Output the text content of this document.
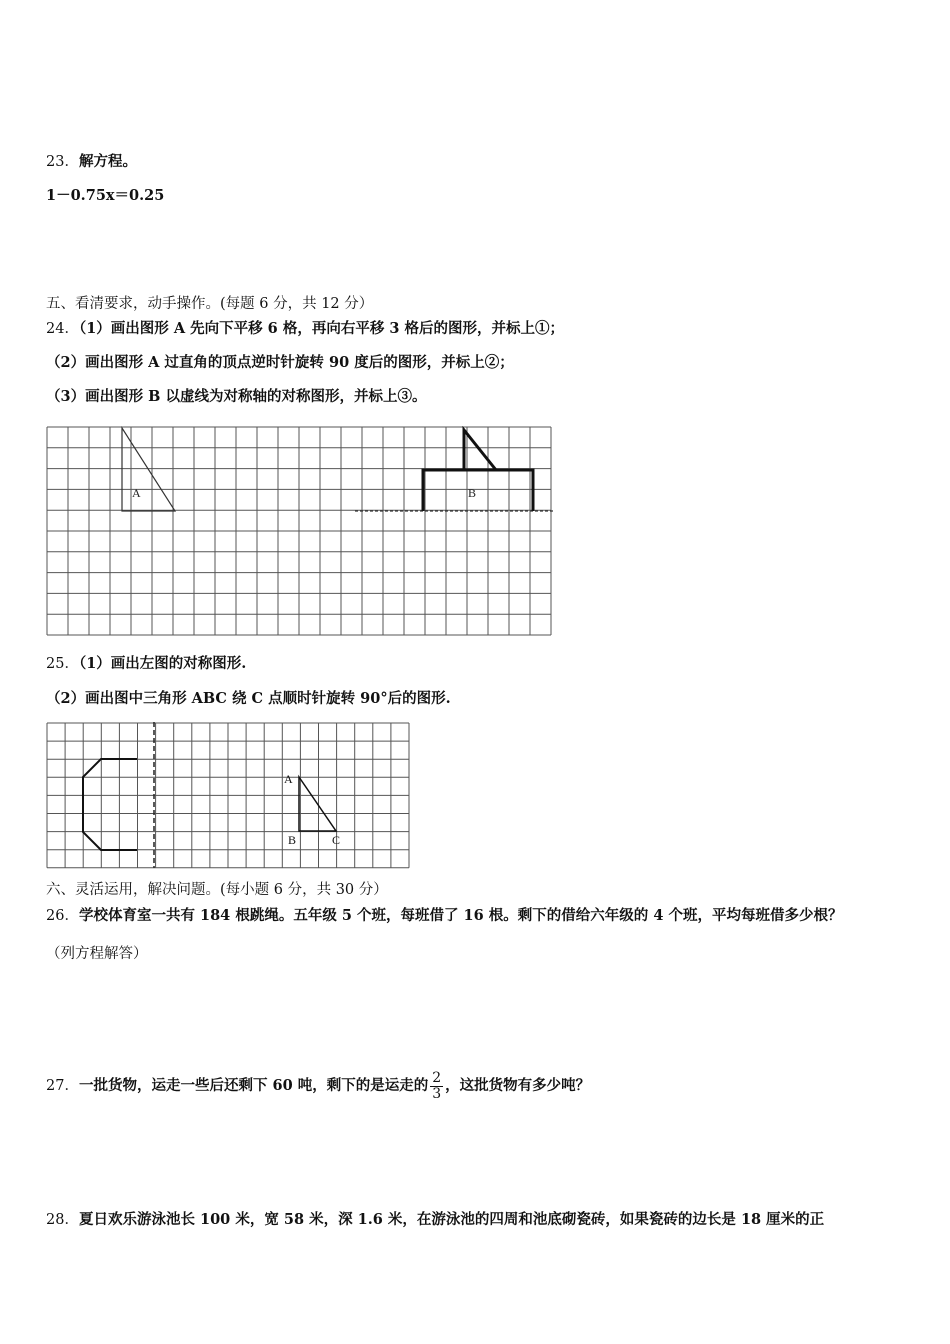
23．解方程。
1－0.75x＝0.25
五、看清要求，动手操作。(每题 6 分，共 12 分）
24．（1）画出图形 A 先向下平移 6 格，再向右平移 3 格后的图形，并标上①；
（2）画出图形 A 过直角的顶点逆时针旋转 90 度后的图形，并标上②；
（3）画出图形 B 以虚线为对称轴的对称图形，并标上③。
A	B
25．（1）画出左图的对称图形.
（2）画出图中三角形 ABC 绕 C 点顺时针旋转 90°后的图形.
A
B	C
六、灵活运用，解决问题。(每小题 6 分，共 30 分）
26．学校体育室一共有 184 根跳绳。五年级 5 个班，每班借了 16 根。剩下的借给六年级的 4 个班，平均每班借多少根？
（列方程解答）
27．一批货物，运走一些后还剩下 60 吨，剩下的是运走的 $\frac{2}{3}$ ，这批货物有多少吨？
28．夏日欢乐游泳池长 100 米，宽 58 米，深 1.6 米，在游泳池的四周和池底砌瓷砖，如果瓷砖的边长是 18 厘米的正
